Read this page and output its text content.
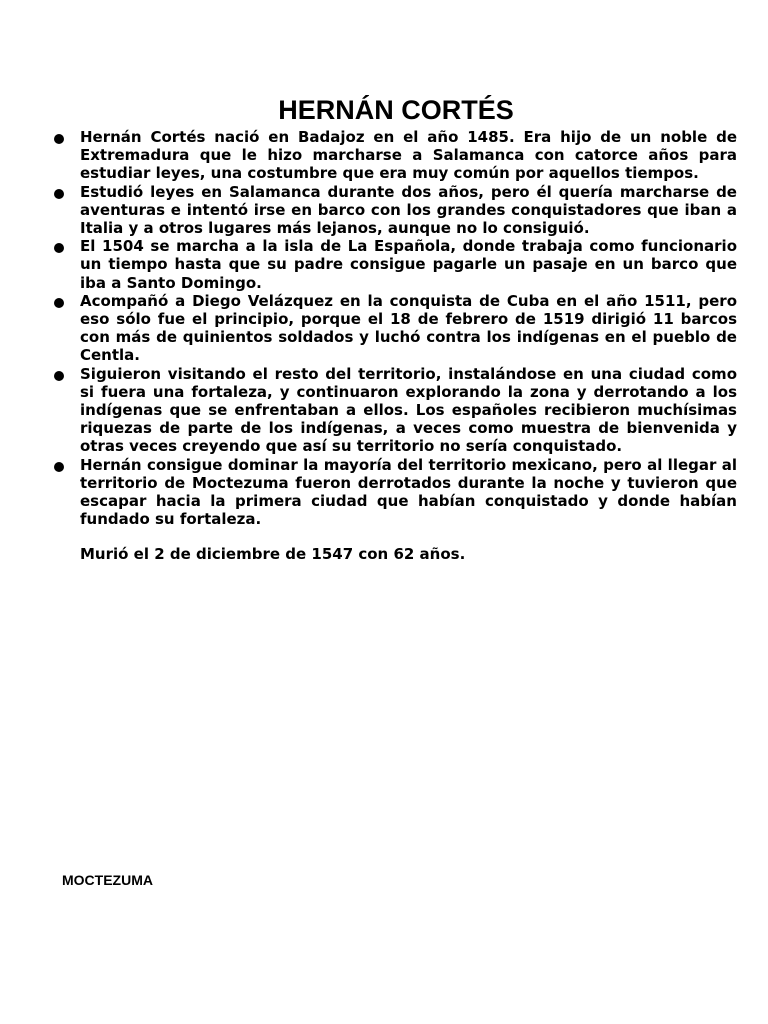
HERNÁN CORTÉS
Hernán Cortés nació en Badajoz en el año 1485. Era hijo de un noble de Extremadura que le hizo marcharse a Salamanca con catorce años para estudiar leyes, una costumbre que era muy común por aquellos tiempos.
Estudió leyes en Salamanca durante dos años, pero él quería marcharse de aventuras e intentó irse en barco con los grandes conquistadores que iban a Italia y a otros lugares más lejanos, aunque no lo consiguió.
El 1504 se marcha a la isla de La Española, donde trabaja como funcionario un tiempo hasta que su padre consigue pagarle un pasaje en un barco que iba a Santo Domingo.
Acompañó a Diego Velázquez en la conquista de Cuba en el año 1511, pero eso sólo fue el principio, porque el 18 de febrero de 1519 dirigió 11 barcos con más de quinientos soldados y luchó contra los indígenas en el pueblo de Centla.
Siguieron visitando el resto del territorio, instalándose en una ciudad como si fuera una fortaleza, y continuaron explorando la zona y derrotando a los indígenas que se enfrentaban a ellos. Los españoles recibieron muchísimas riquezas de parte de los indígenas, a veces como muestra de bienvenida y otras veces creyendo que así su territorio no sería conquistado.
Hernán consigue dominar la mayoría del territorio mexicano, pero al llegar al territorio de Moctezuma fueron derrotados durante la noche y tuvieron que escapar hacia la primera ciudad que habían conquistado y donde habían fundado su fortaleza.

Murió el 2 de diciembre de 1547 con 62 años.

MOCTEZUMA
